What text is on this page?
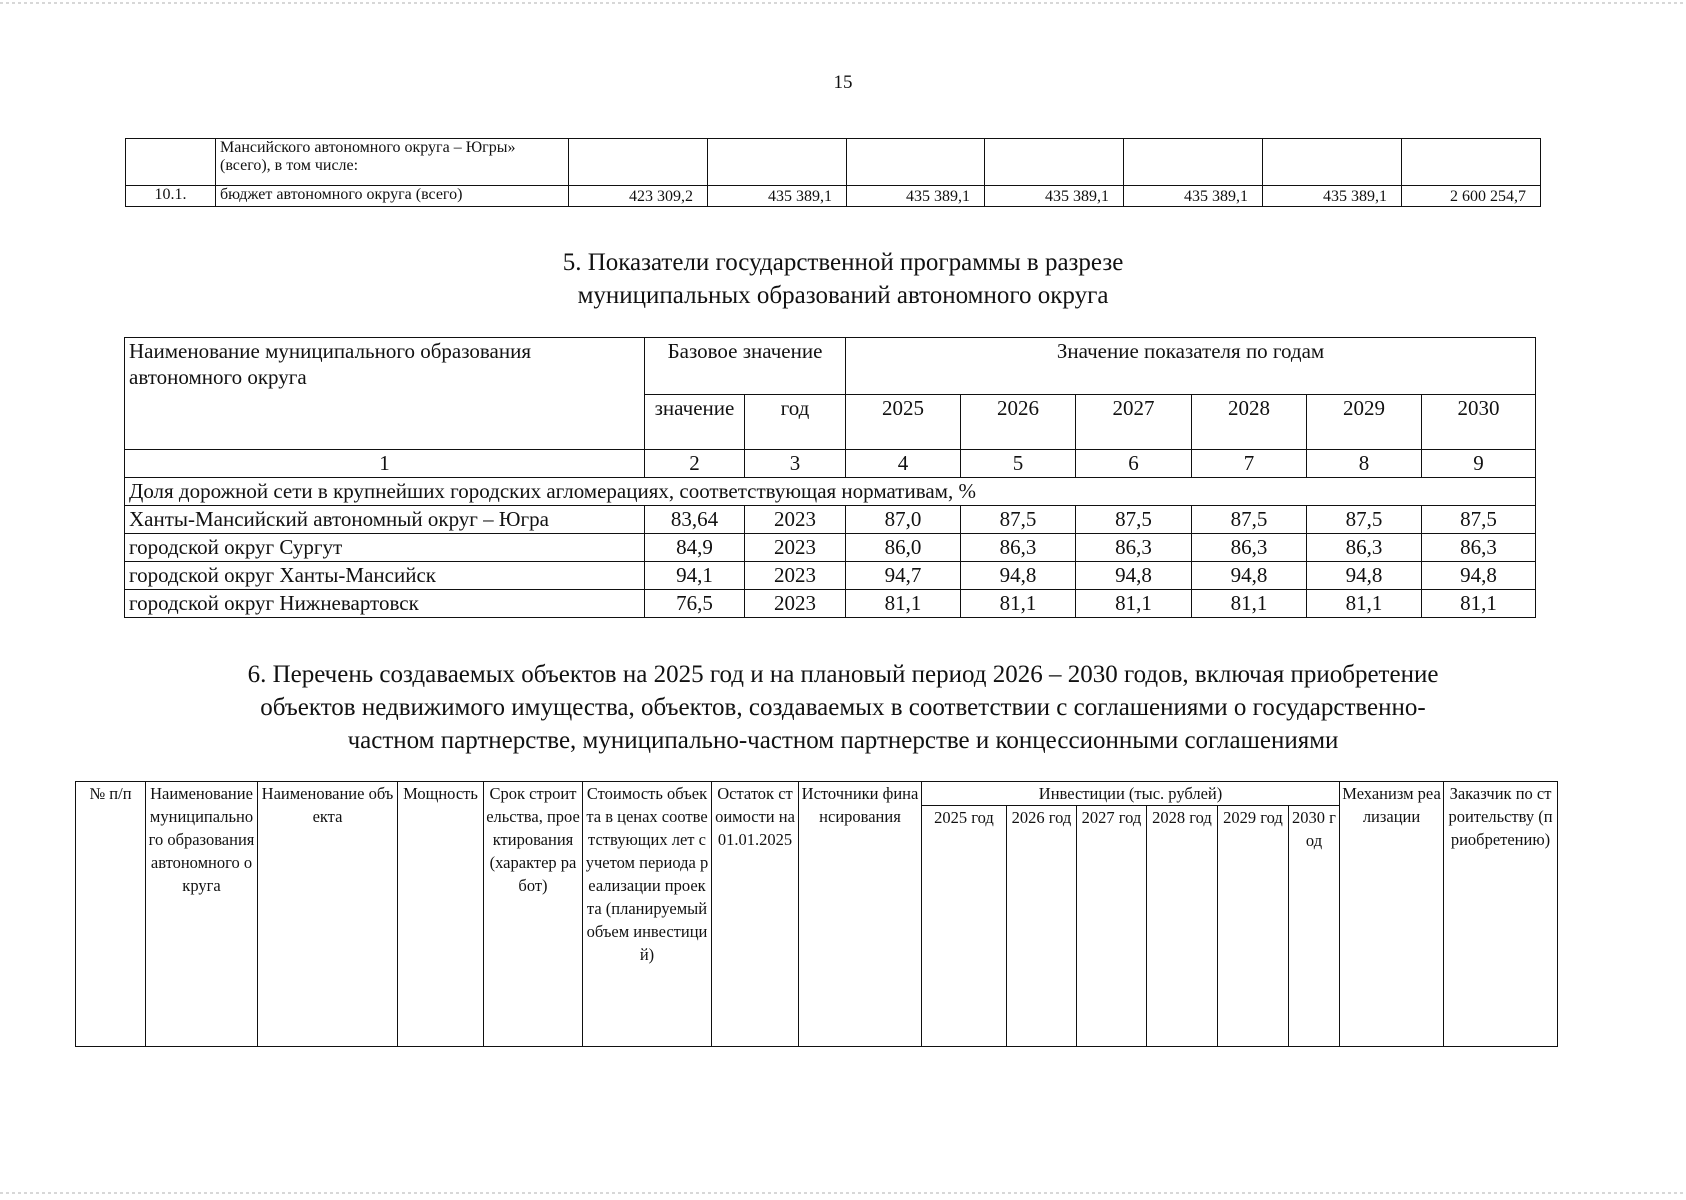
15
	Мансийского автономного округа – Югры» (всего), в том числе:							
10.1.	бюджет автономного округа (всего)	423 309,2	435 389,1	435 389,1	435 389,1	435 389,1	435 389,1	2 600 254,7
5. Показатели государственной программы в разрезе
муниципальных образований автономного округа
Наименование муниципального образования автономного округа	Базовое значение		Значение показателя по годам					
	значение	год	2025	2026	2027	2028	2029	2030
1	2	3	4	5	6	7	8	9
Доля дорожной сети в крупнейших городских агломерациях, соответствующая нормативам, %								
Ханты-Мансийский автономный округ – Югра	83,64	2023	87,0	87,5	87,5	87,5	87,5	87,5
городской округ Сургут	84,9	2023	86,0	86,3	86,3	86,3	86,3	86,3
городской округ Ханты-Мансийск	94,1	2023	94,7	94,8	94,8	94,8	94,8	94,8
городской округ Нижневартовск	76,5	2023	81,1	81,1	81,1	81,1	81,1	81,1
6. Перечень создаваемых объектов на 2025 год и на плановый период 2026 – 2030 годов, включая приобретение
объектов недвижимого имущества, объектов, создаваемых в соответствии с соглашениями о государственно-
частном партнерстве, муниципально-частном партнерстве и концессионными соглашениями
№ п/п	Наименование муниципального образования автономного округа	Наименование объекта	Мощность	Срок строительства, проектирования (характер работ)	Стоимость объекта в ценах соответствующих лет с учетом периода реализации проекта (планируемый объем инвестиций)	Остаток стоимости на 01.01.2025	Источники финансирования	Инвестиции (тыс. рублей)						Механизм реализации	Заказчик по строительству (приобретению)
								2025 год	2026 год	2027 год	2028 год	2029 год	2030 год		
